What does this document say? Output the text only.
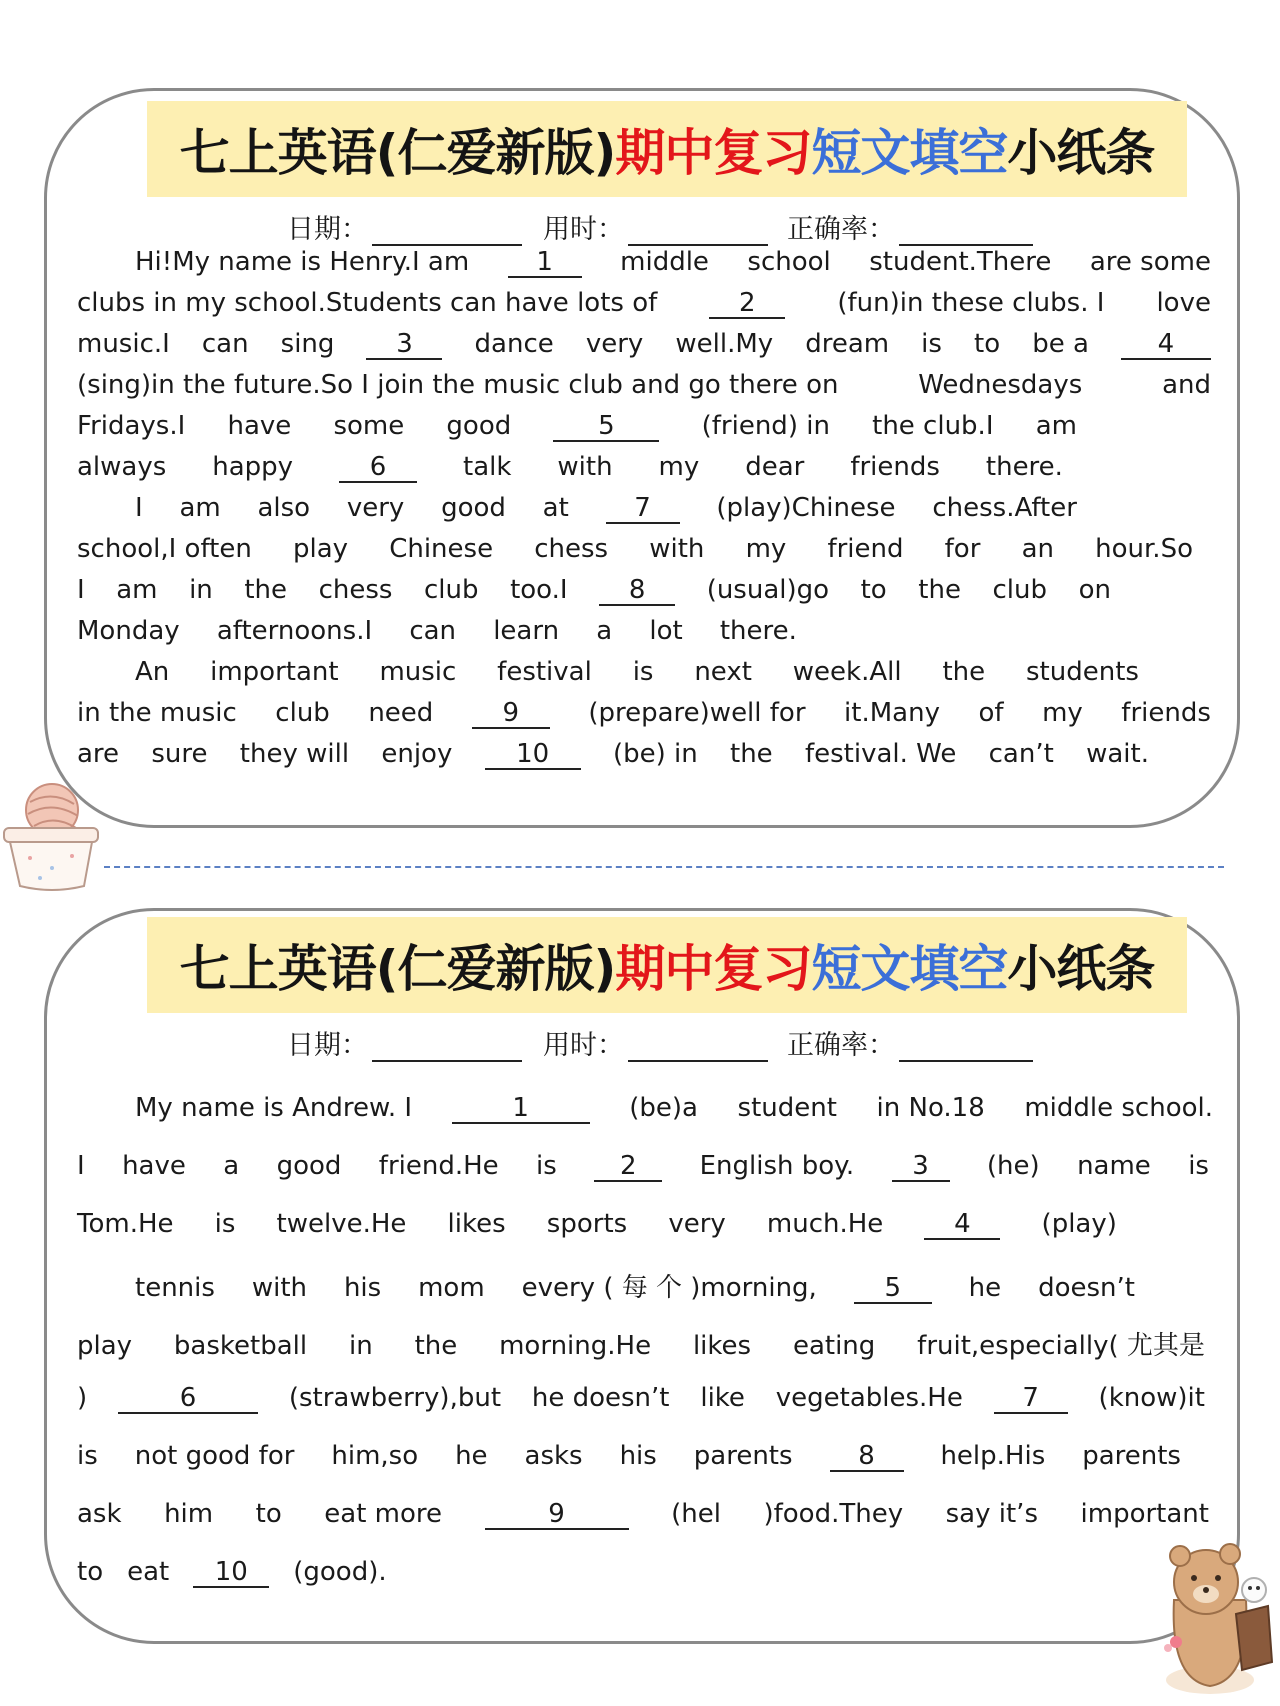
七上英语(仁爱新版) 期中复习 短文填空 小纸条
日期：	用时：	正确率：
Hi!My name is Henry.I am	1	middle school student.There are some
clubs in my school.Students can have lots of	2	(fun)in these clubs. I love
music.I can sing	3	dance very well.My dream is to be a	4
(sing)in the future.So I join the music club and go there on	Wednesdays	and
Fridays.I have some good	5	(friend) in the club.I am
always happy	6	talk with my dear friends there.
I am also very good at	7	(play)Chinese chess.After
school,I often play Chinese chess with my friend for an hour.So
I am in the chess club too.I	8	(usual)go to the club on
Monday afternoons.I can learn a lot there.
An important music festival is next week.All the students
in the music club need	9	(prepare)well for it.Many of my friends
are sure they will enjoy	10	(be) in the festival. We can’t wait.
七上英语(仁爱新版) 期中复习 短文填空 小纸条
日期：	用时：	正确率：
My name is Andrew. I	1	(be)a student in No.18 middle school.
I have a good friend.He is	2	English boy.	3	(he) name is
Tom.He is twelve.He likes sports very much.He	4	(play)
tennis with his mom every ( 每 个 )morning,	5	he doesn’t
play basketball in the morning.He likes eating fruit,especially( 尤其是
)	6	(strawberry),but he doesn’t like vegetables.He	7	(know)it
is not good for him,so he asks his parents	8	help.His parents
ask him to eat more	9	(hel )food.They say it’s important
to eat	10	(good).
